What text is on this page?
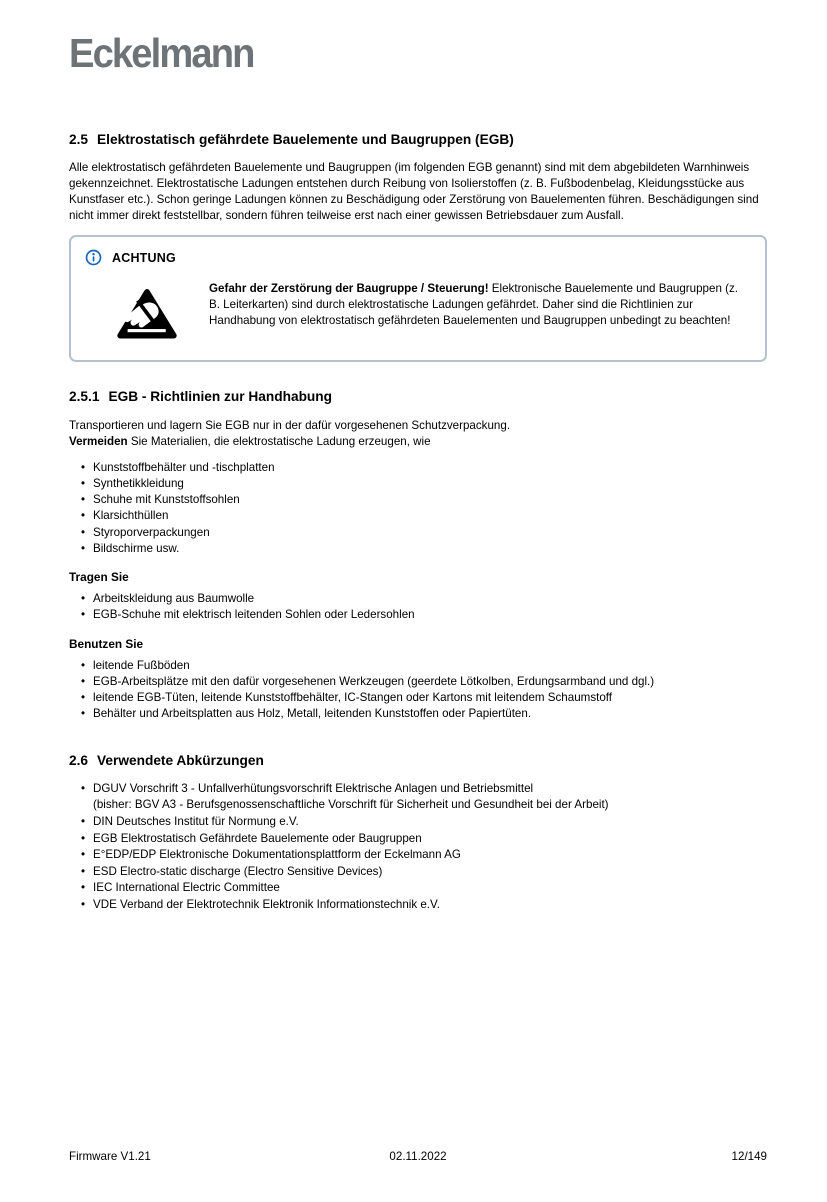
Eckelmann
2.5 Elektrostatisch gefährdete Bauelemente und Baugruppen (EGB)

Alle elektrostatisch gefährdeten Bauelemente und Baugruppen (im folgenden EGB genannt) sind mit dem abgebildeten Warnhinweis gekennzeichnet. Elektrostatische Ladungen entstehen durch Reibung von Isolierstoffen (z. B. Fußbodenbelag, Kleidungsstücke aus Kunstfaser etc.). Schon geringe Ladungen können zu Beschädigung oder Zerstörung von Bauelementen führen. Beschädigungen sind nicht immer direkt feststellbar, sondern führen teilweise erst nach einer gewissen Betriebsdauer zum Ausfall.

ACHTUNG
Gefahr der Zerstörung der Baugruppe / Steuerung! Elektronische Bauelemente und Baugruppen (z. B. Leiterkarten) sind durch elektrostatische Ladungen gefährdet. Daher sind die Richtlinien zur Handhabung von elektrostatisch gefährdeten Bauelementen und Baugruppen unbedingt zu beachten!
2.5.1 EGB - Richtlinien zur Handhabung

Transportieren und lagern Sie EGB nur in der dafür vorgesehenen Schutzverpackung.
Vermeiden Sie Materialien, die elektrostatische Ladung erzeugen, wie

• Kunststoffbehälter und -tischplatten
• Synthetikkleidung
• Schuhe mit Kunststoffsohlen
• Klarsichthüllen
• Styroporverpackungen
• Bildschirme usw.

Tragen Sie

• Arbeitskleidung aus Baumwolle
• EGB-Schuhe mit elektrisch leitenden Sohlen oder Ledersohlen

Benutzen Sie

• leitende Fußböden
• EGB-Arbeitsplätze mit den dafür vorgesehenen Werkzeugen (geerdete Lötkolben, Erdungsarmband und dgl.)
• leitende EGB-Tüten, leitende Kunststoffbehälter, IC-Stangen oder Kartons mit leitendem Schaumstoff
• Behälter und Arbeitsplatten aus Holz, Metall, leitenden Kunststoffen oder Papiertüten.
2.6 Verwendete Abkürzungen
• DGUV Vorschrift 3 - Unfallverhütungsvorschrift Elektrische Anlagen und Betriebsmittel
(bisher: BGV A3 - Berufsgenossenschaftliche Vorschrift für Sicherheit und Gesundheit bei der Arbeit)
• DIN Deutsches Institut für Normung e.V.
• EGB Elektrostatisch Gefährdete Bauelemente oder Baugruppen
• E°EDP/EDP Elektronische Dokumentationsplattform der Eckelmann AG
• ESD Electro-static discharge (Electro Sensitive Devices)
• IEC International Electric Committee
• VDE Verband der Elektrotechnik Elektronik Informationstechnik e.V.
Firmware V1.21	02.11.2022	12/149
